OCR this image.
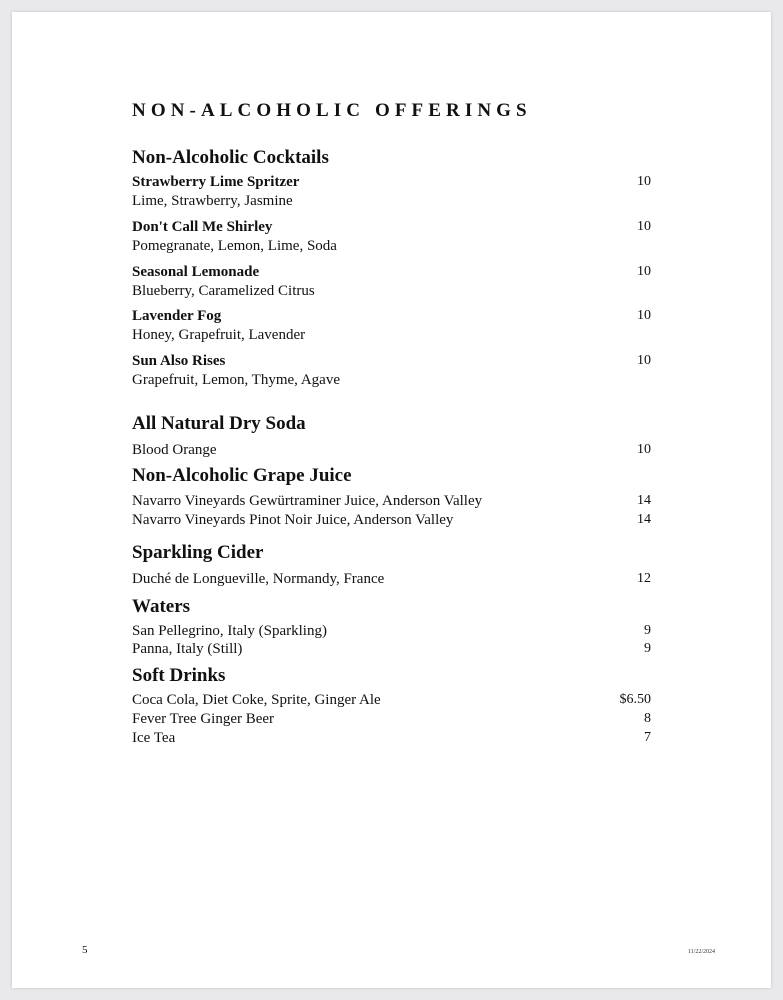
NON-ALCOHOLIC OFFERINGS
Non-Alcoholic Cocktails
Strawberry Lime Spritzer	10
Lime, Strawberry, Jasmine
Don't Call Me Shirley	10
Pomegranate, Lemon, Lime, Soda
Seasonal Lemonade	10
Blueberry, Caramelized Citrus
Lavender Fog	10
Honey, Grapefruit, Lavender
Sun Also Rises	10
Grapefruit, Lemon, Thyme, Agave
All Natural Dry Soda
Blood Orange	10
Non-Alcoholic Grape Juice
Navarro Vineyards Gewürtraminer Juice, Anderson Valley	14
Navarro Vineyards Pinot Noir Juice, Anderson Valley	14
Sparkling Cider
Duché de Longueville, Normandy, France	12
Waters
San Pellegrino, Italy (Sparkling)	9
Panna, Italy (Still)	9
Soft Drinks
Coca Cola, Diet Coke, Sprite, Ginger Ale	$6.50
Fever Tree Ginger Beer	8
Ice Tea	7
5	11/22/2024
